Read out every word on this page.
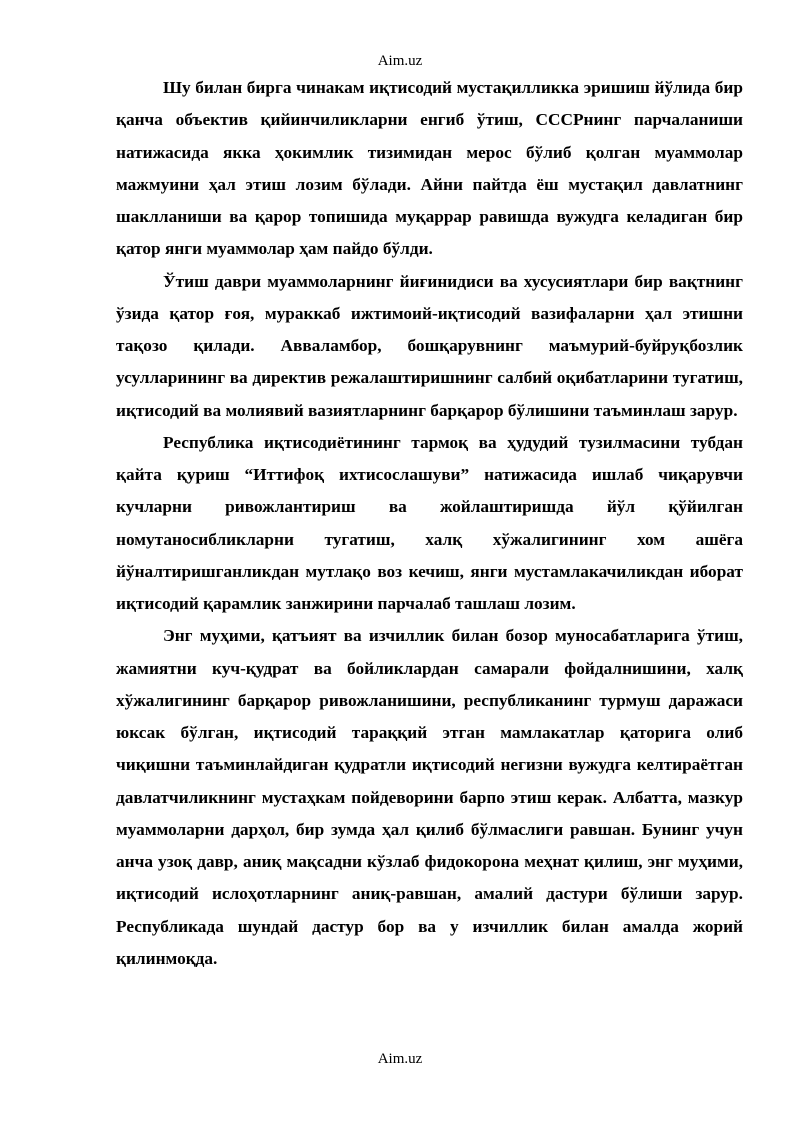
Aim.uz

Шу билан бирга чинакам иқтисодий мустақилликка эришиш йўлида бир қанча объектив қийинчиликларни енгиб ўтиш, СССРнинг парчаланиши натижасида якка ҳокимлик тизимидан мерос бўлиб қолган муаммолар мажмуини ҳал этиш лозим бўлади. Айни пайтда ёш мустақил давлатнинг шаклланиши ва қарор топишида муқаррар равишда вужудга келадиган бир қатор янги муаммолар ҳам пайдо бўлди.

Ўтиш даври муаммоларнинг йиғинидиси ва хусусиятлари бир вақтнинг ўзида қатор ғоя, мураккаб ижтимоий-иқтисодий вазифаларни ҳал этишни тақозо қилади. Авваламбор, бошқарувнинг маъмурий-буйруқбозлик усулларининг ва директив режалаштиришнинг салбий оқибатларини тугатиш, иқтисодий ва молиявий вазиятларнинг барқарор бўлишини таъминлаш зарур.

Республика иқтисодиётининг тармоқ ва ҳудудий тузилмасини тубдан қайта қуриш “Иттифоқ ихтисослашуви” натижасида ишлаб чиқарувчи кучларни ривожлантириш ва жойлаштиришда йўл қўйилган номутаносибликларни тугатиш, халқ хўжалигининг хом ашёга йўналтиришганликдан мутлақо воз кечиш, янги мустамлакачиликдан иборат иқтисодий қарамлик занжирини парчалаб ташлаш лозим.

Энг муҳими, қатъият ва изчиллик билан бозор муносабатларига ўтиш, жамиятни куч-қудрат ва бойликлардан самарали фойдалнишини, халқ хўжалигининг барқарор ривожланишини, республиканинг турмуш даражаси юксак бўлган, иқтисодий тараққий этган мамлакатлар қаторига олиб чиқишни таъминлайдиган қудратли иқтисодий негизни вужудга келтираётган давлатчиликнинг мустаҳкам пойдеворини барпо этиш керак. Албатта, мазкур муаммоларни дарҳол, бир зумда ҳал қилиб бўлмаслиги равшан. Бунинг учун анча узоқ давр, аниқ мақсадни кўзлаб фидокорона меҳнат қилиш, энг муҳими, иқтисодий ислоҳотларнинг аниқ-равшан, амалий дастури бўлиши зарур. Республикада шундай дастур бор ва у изчиллик билан амалда жорий қилинмоқда.

Aim.uz
